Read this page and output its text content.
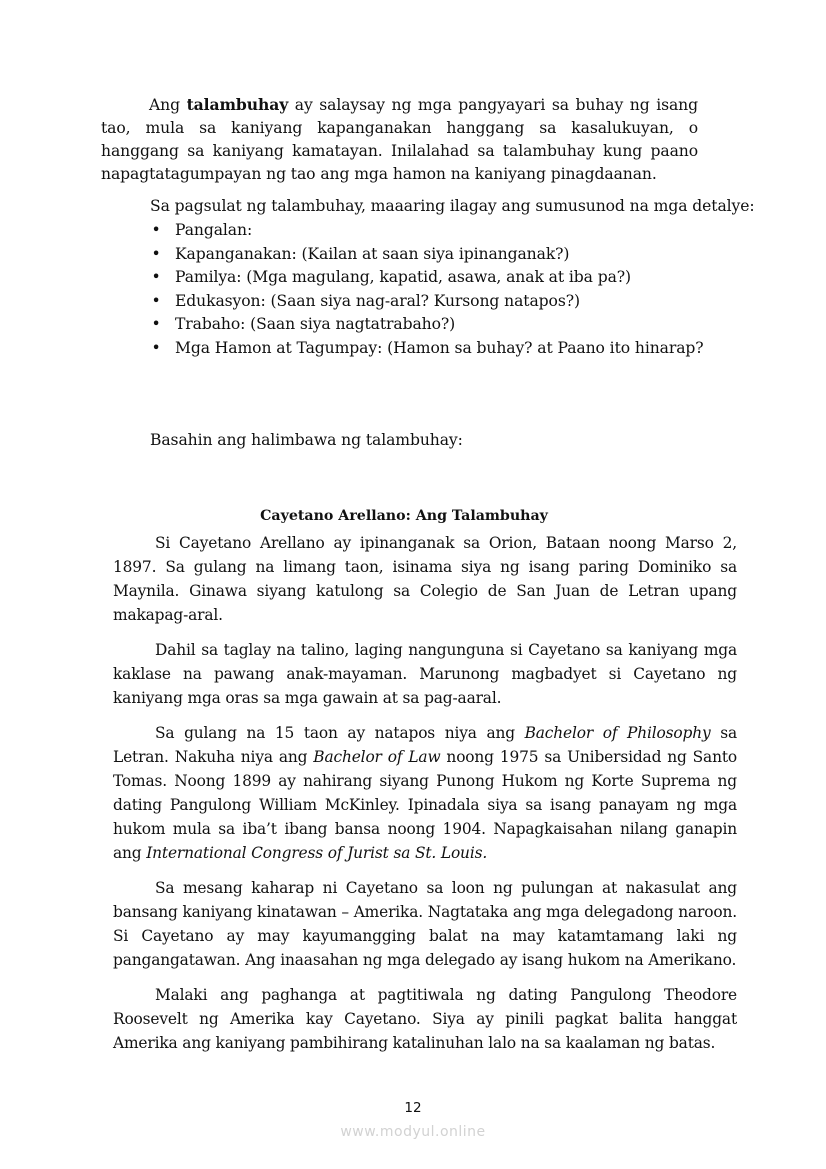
Ang talambuhay ay salaysay ng mga pangyayari sa buhay ng isang tao, mula sa kaniyang kapanganakan hanggang sa kasalukuyan, o hanggang sa kaniyang kamatayan. Inilalahad sa talambuhay kung paano napagtatagumpayan ng tao ang mga hamon na kaniyang pinagdaanan.

Sa pagsulat ng talambuhay, maaaring ilagay ang sumusunod na mga detalye:

• Pangalan:
• Kapanganakan: (Kailan at saan siya ipinanganak?)
• Pamilya: (Mga magulang, kapatid, asawa, anak at iba pa?)
• Edukasyon: (Saan siya nag-aral? Kursong natapos?)
• Trabaho: (Saan siya nagtatrabaho?)
• Mga Hamon at Tagumpay: (Hamon sa buhay? at Paano ito hinarap?

Basahin ang halimbawa ng talambuhay:

Cayetano Arellano: Ang Talambuhay

Si Cayetano Arellano ay ipinanganak sa Orion, Bataan noong Marso 2, 1897. Sa gulang na limang taon, isinama siya ng isang paring Dominiko sa Maynila. Ginawa siyang katulong sa Colegio de San Juan de Letran upang makapag-aral.

Dahil sa taglay na talino, laging nangunguna si Cayetano sa kaniyang mga kaklase na pawang anak-mayaman. Marunong magbadyet si Cayetano ng kaniyang mga oras sa mga gawain at sa pag-aaral.

Sa gulang na 15 taon ay natapos niya ang Bachelor of Philosophy sa Letran. Nakuha niya ang Bachelor of Law noong 1975 sa Unibersidad ng Santo Tomas. Noong 1899 ay nahirang siyang Punong Hukom ng Korte Suprema ng dating Pangulong William McKinley. Ipinadala siya sa isang panayam ng mga hukom mula sa iba’t ibang bansa noong 1904. Napagkaisahan nilang ganapin ang International Congress of Jurist sa St. Louis.

Sa mesang kaharap ni Cayetano sa loon ng pulungan at nakasulat ang bansang kaniyang kinatawan – Amerika. Nagtataka ang mga delegadong naroon. Si Cayetano ay may kayumangging balat na may katamtamang laki ng pangangatawan. Ang inaasahan ng mga delegado ay isang hukom na Amerikano.

Malaki ang paghanga at pagtitiwala ng dating Pangulong Theodore Roosevelt ng Amerika kay Cayetano. Siya ay pinili pagkat balita hanggat Amerika ang kaniyang pambihirang katalinuhan lalo na sa kaalaman ng batas.

12
www.modyul.online
